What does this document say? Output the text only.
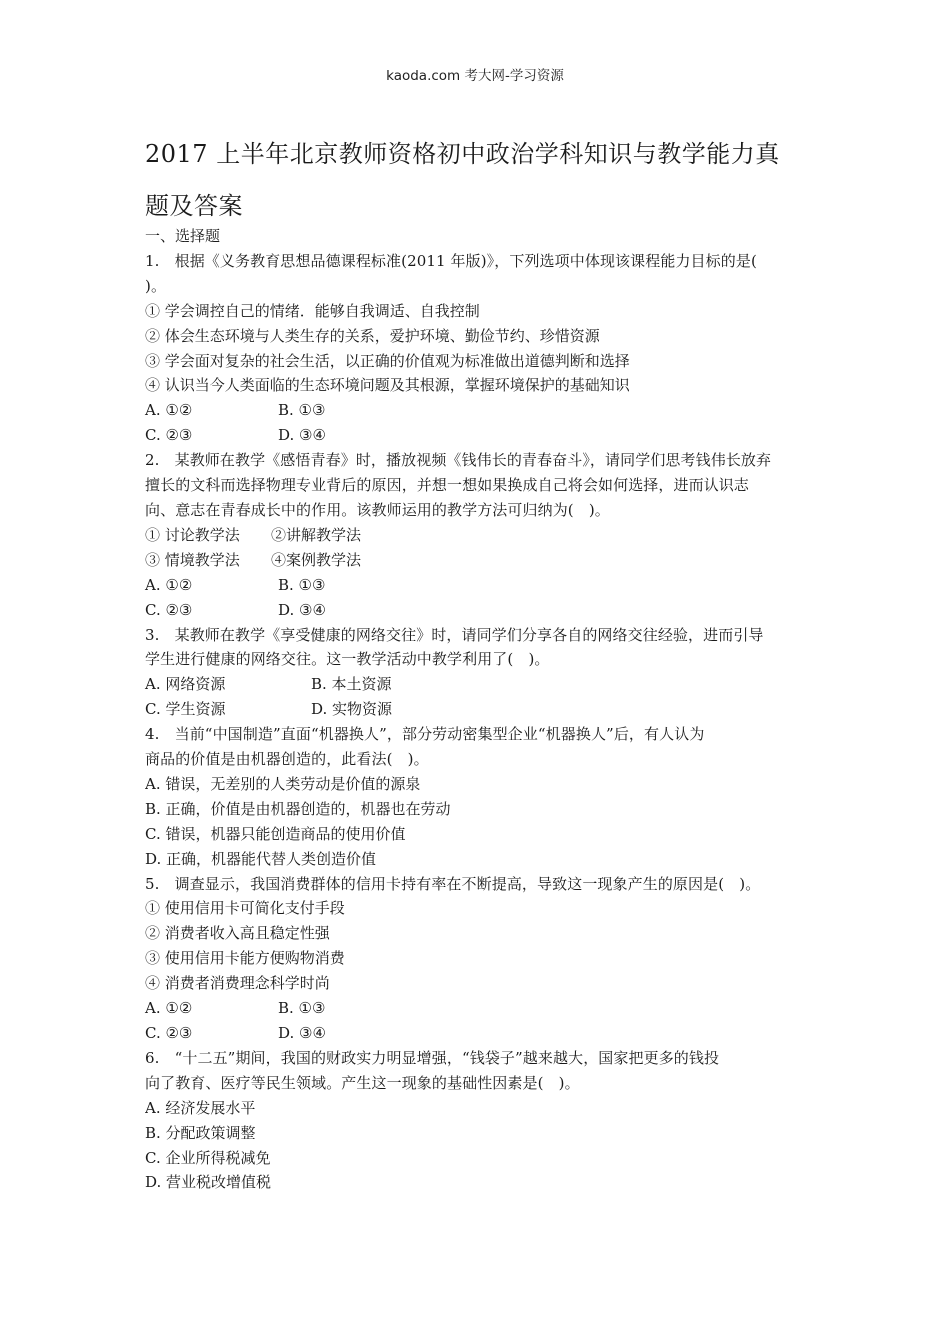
kaoda.com 考大网-学习资源
2017 上半年北京教师资格初中政治学科知识与教学能力真
题及答案
一、选择题
1.　根据《义务教育思想品德课程标准(2011 年版)》，下列选项中体现该课程能力目标的是(
)。
① 学会调控自己的情绪．能够自我调适、自我控制
② 体会生态环境与人类生存的关系，爱护环境、勤俭节约、珍惜资源
③ 学会面对复杂的社会生活，以正确的价值观为标准做出道德判断和选择
④ 认识当今人类面临的生态环境问题及其根源，掌握环境保护的基础知识
A. ①②	B. ①③
C. ②③	D. ③④
2.　某教师在教学《感悟青春》时，播放视频《钱伟长的青春奋斗》，请同学们思考钱伟长放弃
擅长的文科而选择物理专业背后的原因，并想一想如果换成自己将会如何选择，进而认识志
向、意志在青春成长中的作用。该教师运用的教学方法可归纳为(　)。
① 讨论教学法	②讲解教学法
③ 情境教学法	④案例教学法
A. ①②	B. ①③
C. ②③	D. ③④
3.　某教师在教学《享受健康的网络交往》时，请同学们分享各自的网络交往经验，进而引导
学生进行健康的网络交往。这一教学活动中教学利用了(　)。
A. 网络资源	B. 本土资源
C. 学生资源	D. 实物资源
4.　当前“中国制造”直面“机器换人”，部分劳动密集型企业“机器换人”后，有人认为
商品的价值是由机器创造的，此看法(　)。
A. 错误，无差别的人类劳动是价值的源泉
B. 正确，价值是由机器创造的，机器也在劳动
C. 错误，机器只能创造商品的使用价值
D. 正确，机器能代替人类创造价值
5.　调查显示，我国消费群体的信用卡持有率在不断提高，导致这一现象产生的原因是(　)。
① 使用信用卡可简化支付手段
② 消费者收入高且稳定性强
③ 使用信用卡能方便购物消费
④ 消费者消费理念科学时尚
A. ①②	B. ①③
C. ②③	D. ③④
6.　“十二五”期间，我国的财政实力明显增强，“钱袋子”越来越大，国家把更多的钱投
向了教育、医疗等民生领域。产生这一现象的基础性因素是(　)。
A. 经济发展水平
B. 分配政策调整
C. 企业所得税减免
D. 营业税改增值税
